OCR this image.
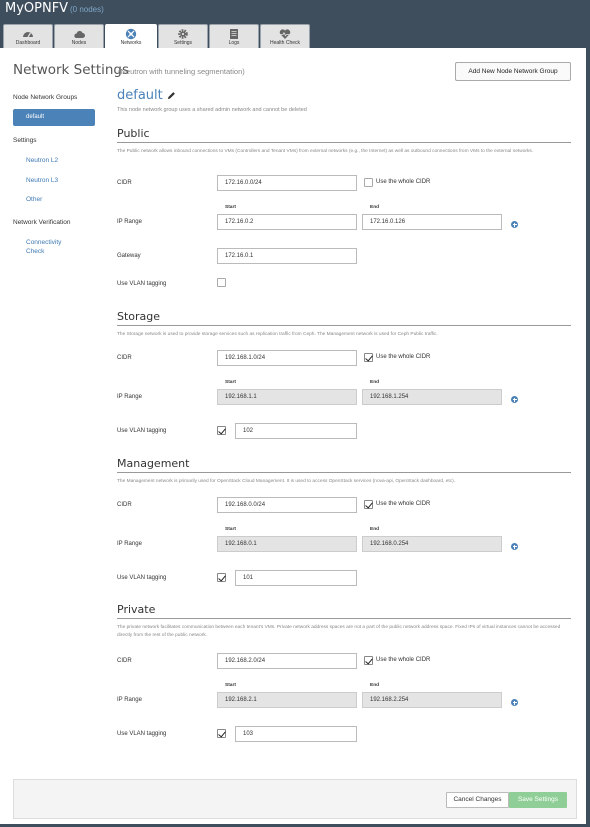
MyOPNFV (0 nodes)
Dashboard	Nodes	Networks	Settings	Logs	Health Check
Network Settings
(Neutron with tunneling segmentation)	Add New Node Network Group
Node Network Groups
default
Settings
Neutron L2
Neutron L3
Other
Network Verification
Connectivity Check
default
This node network group uses a shared admin network and cannot be deleted
Public
The Public network allows inbound connections to VMs (Controllers and Tenant VMs) from external networks (e.g., the Internet) as well as outbound connections from VMs to the external networks.
CIDR	172.16.0.0/24	Use the whole CIDR
Start	End
IP Range	172.16.0.2	172.16.0.126
Gateway	172.16.0.1
Use VLAN tagging
Storage
The Storage network is used to provide storage services such as replication traffic from Ceph. The Management network is used for Ceph Public traffic.
CIDR	192.168.1.0/24	Use the whole CIDR
Start	End
IP Range	192.168.1.1	192.168.1.254
Use VLAN tagging	102
Management
The Management network is primarily used for OpenStack Cloud Management. It is used to access OpenStack services (nova-api, OpenStack dashboard, etc).
CIDR	192.168.0.0/24	Use the whole CIDR
Start	End
IP Range	192.168.0.1	192.168.0.254
Use VLAN tagging	101
Private
The private network facilitates communication between each tenant's VMs. Private network address spaces are not a part of the public network address space. Fixed IPs of virtual instances cannot be accessed directly from the rest of the public network.
CIDR	192.168.2.0/24	Use the whole CIDR
Start	End
IP Range	192.168.2.1	192.168.2.254
Use VLAN tagging	103
Cancel Changes	Save Settings
